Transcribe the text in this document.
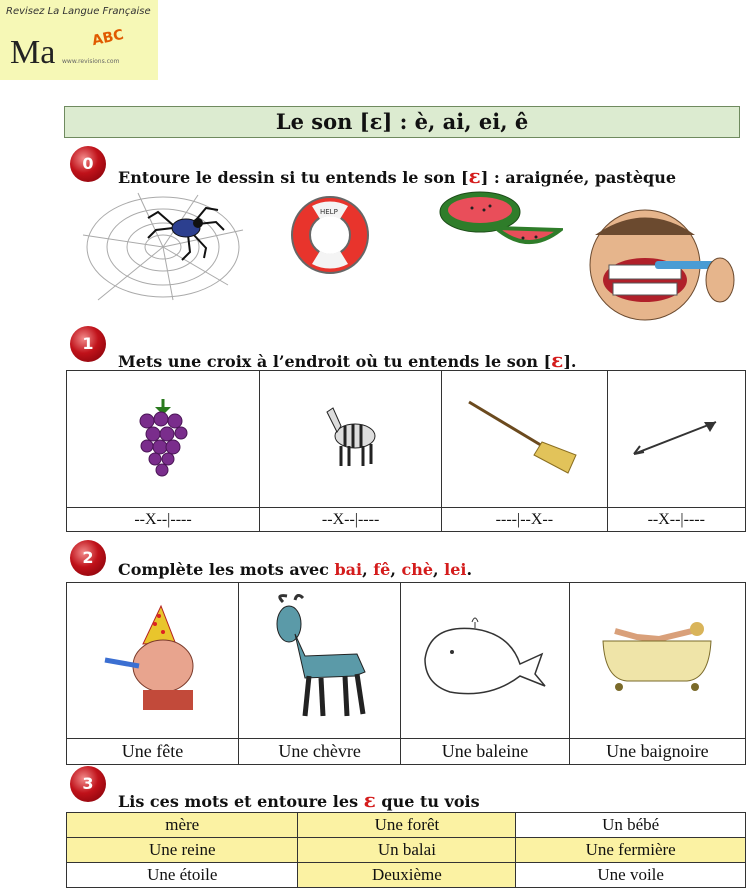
Revisez La Langue Française
Ma	ABC
www.revisions.com
Le son [ɛ] : è, ai, ei, ê
0
Entoure le dessin si tu entends le son [ɛ] : araignée, pastèque
HELP
1
Mets une croix à l’endroit où tu entends le son [ɛ].

--X--|----	--X--|----	----|--X--	--X--|----
2
Complète les mots avec bai, fê, chè, lei.

Une fête	Une chèvre	Une baleine	Une baignoire
3
Lis ces mots et entoure les ɛ que tu vois
mère	Une forêt	Un bébé
Une reine	Un balai	Une fermière
Une étoile	Deuxième	Une voile
